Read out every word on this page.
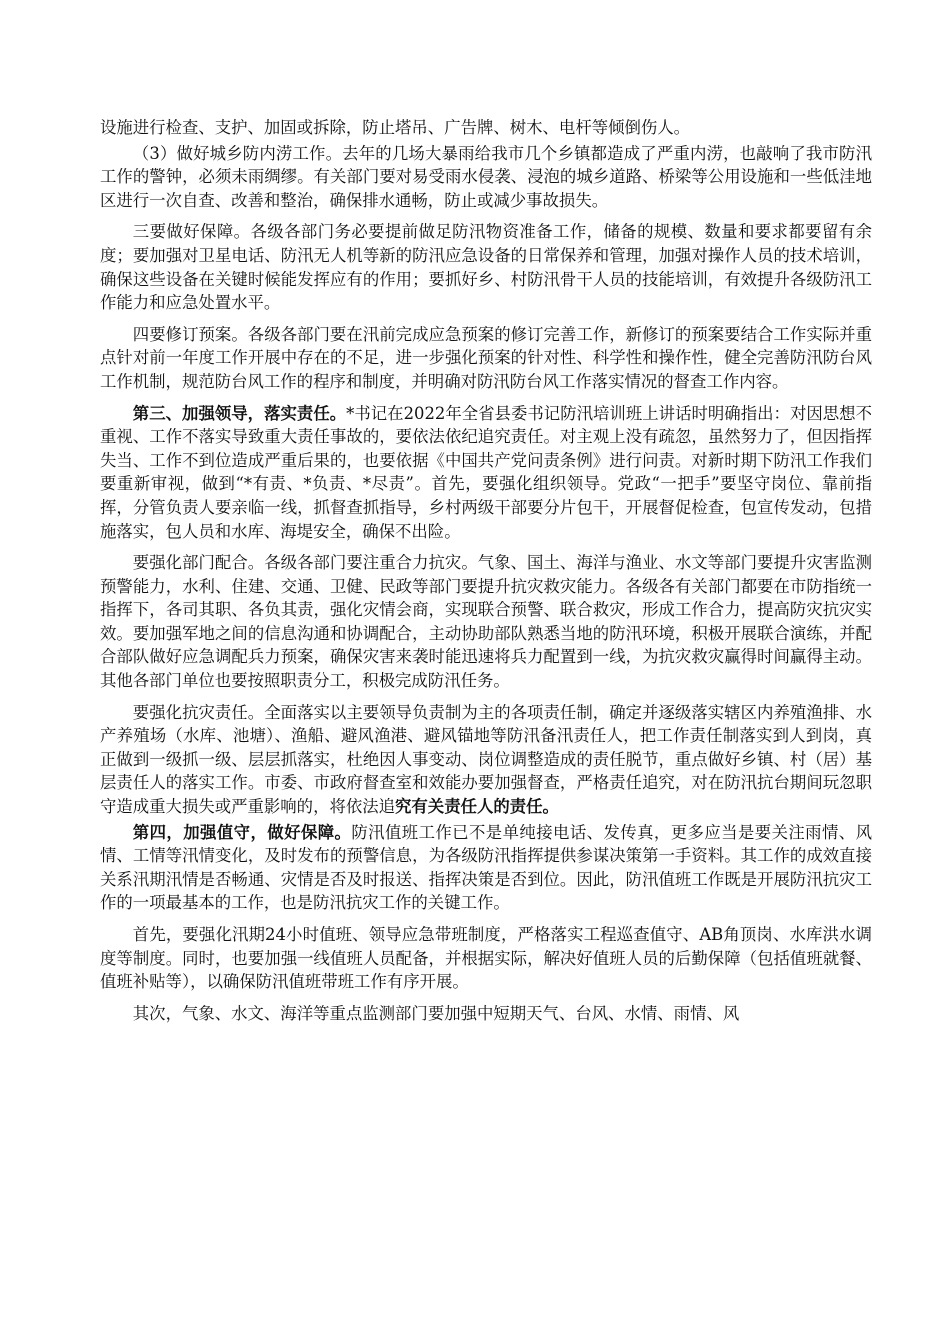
设施进行检查、支护、加固或拆除，防止塔吊、广告牌、树木、电杆等倾倒伤人。

（3）做好城乡防内涝工作。去年的几场大暴雨给我市几个乡镇都造成了严重内涝，也敲响了我市防汛工作的警钟，必须未雨绸缪。有关部门要对易受雨水侵袭、浸泡的城乡道路、桥梁等公用设施和一些低洼地区进行一次自查、改善和整治，确保排水通畅，防止或减少事故损失。

三要做好保障。各级各部门务必要提前做足防汛物资准备工作，储备的规模、数量和要求都要留有余度；要加强对卫星电话、防汛无人机等新的防汛应急设备的日常保养和管理，加强对操作人员的技术培训，确保这些设备在关键时候能发挥应有的作用；要抓好乡、村防汛骨干人员的技能培训，有效提升各级防汛工作能力和应急处置水平。

四要修订预案。各级各部门要在汛前完成应急预案的修订完善工作，新修订的预案要结合工作实际并重点针对前一年度工作开展中存在的不足，进一步强化预案的针对性、科学性和操作性，健全完善防汛防台风工作机制，规范防台风工作的程序和制度，并明确对防汛防台风工作落实情况的督查工作内容。

第三、加强领导，落实责任。*书记在2022年全省县委书记防汛培训班上讲话时明确指出：对因思想不重视、工作不落实导致重大责任事故的，要依法依纪追究责任。对主观上没有疏忽，虽然努力了，但因指挥失当、工作不到位造成严重后果的，也要依据《中国共产党问责条例》进行问责。对新时期下防汛工作我们要重新审视，做到“*有责、*负责、*尽责”。首先，要强化组织领导。党政“一把手”要坚守岗位、靠前指挥，分管负责人要亲临一线，抓督查抓指导，乡村两级干部要分片包干，开展督促检查，包宣传发动，包措施落实，包人员和水库、海堤安全，确保不出险。

要强化部门配合。各级各部门要注重合力抗灾。气象、国土、海洋与渔业、水文等部门要提升灾害监测预警能力，水利、住建、交通、卫健、民政等部门要提升抗灾救灾能力。各级各有关部门都要在市防指统一指挥下，各司其职、各负其责，强化灾情会商，实现联合预警、联合救灾，形成工作合力，提高防灾抗灾实效。要加强军地之间的信息沟通和协调配合，主动协助部队熟悉当地的防汛环境，积极开展联合演练，并配合部队做好应急调配兵力预案，确保灾害来袭时能迅速将兵力配置到一线，为抗灾救灾赢得时间赢得主动。其他各部门单位也要按照职责分工，积极完成防汛任务。

要强化抗灾责任。全面落实以主要领导负责制为主的各项责任制，确定并逐级落实辖区内养殖渔排、水产养殖场（水库、池塘）、渔船、避风渔港、避风锚地等防汛备汛责任人，把工作责任制落实到人到岗，真正做到一级抓一级、层层抓落实，杜绝因人事变动、岗位调整造成的责任脱节，重点做好乡镇、村（居）基层责任人的落实工作。市委、市政府督查室和效能办要加强督查，严格责任追究，对在防汛抗台期间玩忽职守造成重大损失或严重影响的，将依法追究有关责任人的责任。

第四，加强值守，做好保障。防汛值班工作已不是单纯接电话、发传真，更多应当是要关注雨情、风情、工情等汛情变化，及时发布的预警信息，为各级防汛指挥提供参谋决策第一手资料。其工作的成效直接关系汛期汛情是否畅通、灾情是否及时报送、指挥决策是否到位。因此，防汛值班工作既是开展防汛抗灾工作的一项最基本的工作，也是防汛抗灾工作的关键工作。

首先，要强化汛期24小时值班、领导应急带班制度，严格落实工程巡查值守、AB角顶岗、水库洪水调度等制度。同时，也要加强一线值班人员配备，并根据实际，解决好值班人员的后勤保障（包括值班就餐、值班补贴等），以确保防汛值班带班工作有序开展。

其次，气象、水文、海洋等重点监测部门要加强中短期天气、台风、水情、雨情、风
